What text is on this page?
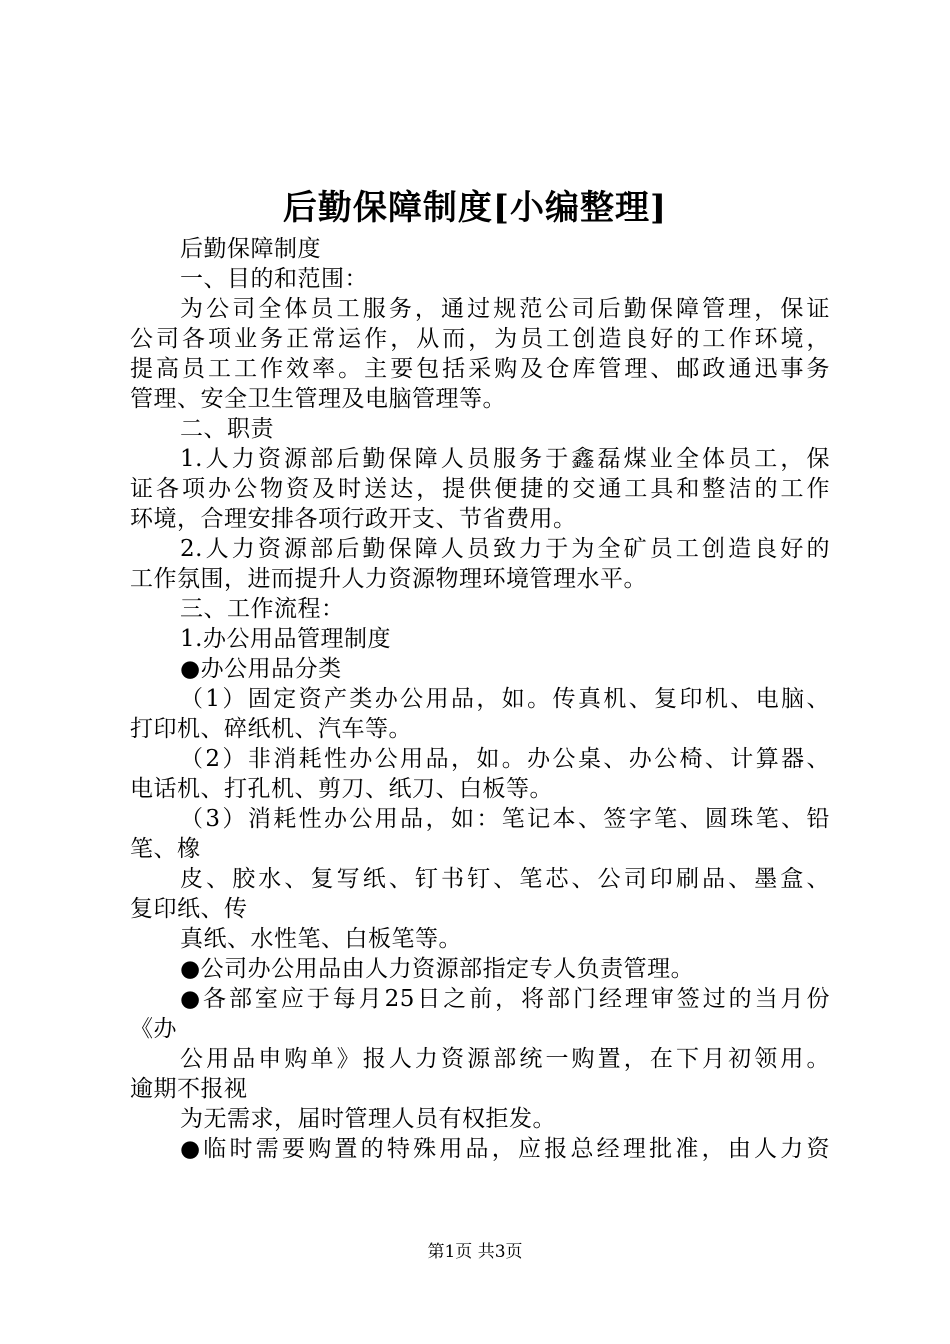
后勤保障制度[小编整理]
后勤保障制度
一、目的和范围：
为公司全体员工服务，通过规范公司后勤保障管理，保证
公司各项业务正常运作，从而，为员工创造良好的工作环境，
提高员工工作效率。主要包括采购及仓库管理、邮政通迅事务
管理、安全卫生管理及电脑管理等。
二、职责
1.人力资源部后勤保障人员服务于鑫磊煤业全体员工，保
证各项办公物资及时送达，提供便捷的交通工具和整洁的工作
环境，合理安排各项行政开支、节省费用。
2.人力资源部后勤保障人员致力于为全矿员工创造良好的
工作氛围，进而提升人力资源物理环境管理水平。
三、工作流程：
1.办公用品管理制度
●办公用品分类
（1）固定资产类办公用品，如。传真机、复印机、电脑、
打印机、碎纸机、汽车等。
（2）非消耗性办公用品，如。办公桌、办公椅、计算器、
电话机、打孔机、剪刀、纸刀、白板等。
（3）消耗性办公用品，如：笔记本、签字笔、圆珠笔、铅
笔、橡
皮、胶水、复写纸、钉书钉、笔芯、公司印刷品、墨盒、
复印纸、传
真纸、水性笔、白板笔等。
●公司办公用品由人力资源部指定专人负责管理。
●各部室应于每月25日之前，将部门经理审签过的当月份
《办
公用品申购单》报人力资源部统一购置，在下月初领用。
逾期不报视
为无需求，届时管理人员有权拒发。
●临时需要购置的特殊用品，应报总经理批准，由人力资
第1页 共3页
